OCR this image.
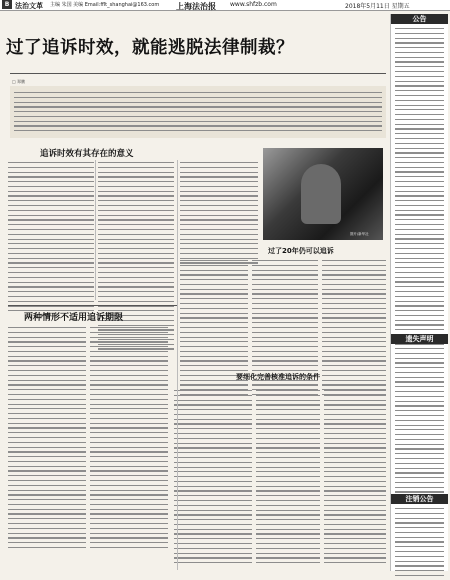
B 法治文革 主编 朱国 美编 Email:fflt_shanghai@163.com 上海法治报 www.shfzb.com	2018年5月11日 星期五
过了追诉时效，就能逃脱法律制裁？
□ 郑鹏
追诉时效有其存在的意义
图片/新华社
过了20年仍可以追诉
两种情形不适用追诉期限
要细化完善核准追诉的条件
公告
遗失声明
注销公告
